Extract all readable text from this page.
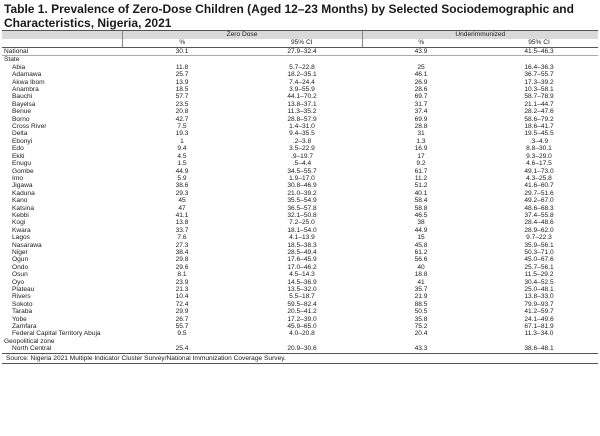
Table 1. Prevalence of Zero-Dose Children (Aged 12–23 Months) by Selected Sociodemographic and Characteristics, Nigeria, 2021
	Zero Dose		Underimmunized	
	%	95% CI	%	95% CI
National	30.1	27.9–32.4	43.9	41.5–46.3
State				
Abia	11.8	5.7–22.8	25	16.4–36.3
Adamawa	25.7	18.2–35.1	46.1	36.7–55.7
Akwa Ibom	13.9	7.4–24.4	26.9	17.3–39.2
Anambra	18.5	3.9–55.9	28.6	10.3–58.1
Bauchi	57.7	44.1–70.2	69.7	58.7–78.9
Bayelsa	23.5	13.8–37.1	31.7	21.1–44.7
Benue	20.8	11.3–35.2	37.4	28.2–47.6
Borno	42.7	28.8–57.9	69.9	58.6–79.2
Cross River	7.5	1.4–31.0	28.8	18.6–41.7
Delta	19.3	9.4–35.5	31	19.5–45.5
Ebonyi	1	.2–3.8	1.3	.3–4.9
Edo	9.4	3.5–22.9	16.9	8.8–30.1
Ekiti	4.5	.9–19.7	17	9.3–29.0
Enugu	1.5	.5–4.4	9.2	4.6–17.5
Gombe	44.9	34.5–55.7	61.7	49.1–73.0
Imo	5.9	1.9–17.0	11.2	4.3–25.8
Jigawa	38.6	30.8–46.9	51.2	41.6–60.7
Kaduna	29.3	21.0–39.2	40.1	29.7–51.6
Kano	45	35.5–54.9	58.4	49.2–67.0
Katsina	47	36.5–57.8	58.8	48.6–68.3
Kebbi	41.1	32.1–50.8	46.5	37.4–55.8
Kogi	13.8	7.2–25.0	38	28.4–48.6
Kwara	33.7	18.1–54.0	44.9	28.9–62.0
Lagos	7.6	4.1–13.9	15	9.7–22.3
Nasarawa	27.3	18.5–38.3	45.8	35.9–56.1
Niger	38.4	28.5–49.4	61.2	50.3–71.0
Ogun	29.8	17.6–45.9	56.6	45.0–67.6
Ondo	29.6	17.0–46.2	40	25.7–56.1
Osun	8.1	4.5–14.3	18.8	11.5–29.2
Oyo	23.9	14.5–36.9	41	30.4–52.5
Plateau	21.3	13.5–32.0	35.7	25.0–48.1
Rivers	10.4	5.5–18.7	21.9	13.8–33.0
Sokoto	72.4	59.5–82.4	88.5	79.9–93.7
Taraba	29.9	20.5–41.2	50.5	41.2–59.7
Yobe	26.7	17.2–39.0	35.8	24.1–49.6
Zamfara	55.7	45.9–65.0	75.2	67.1–81.9
Federal Capital Territory Abuja	9.5	4.0–20.8	20.4	11.3–34.0
Geopolitical zone				
North Central	25.4	20.9–30.6	43.3	38.6–48.1
Source: Nigeria 2021 Multiple Indicator Cluster Survey/National Immunization Coverage Survey.
